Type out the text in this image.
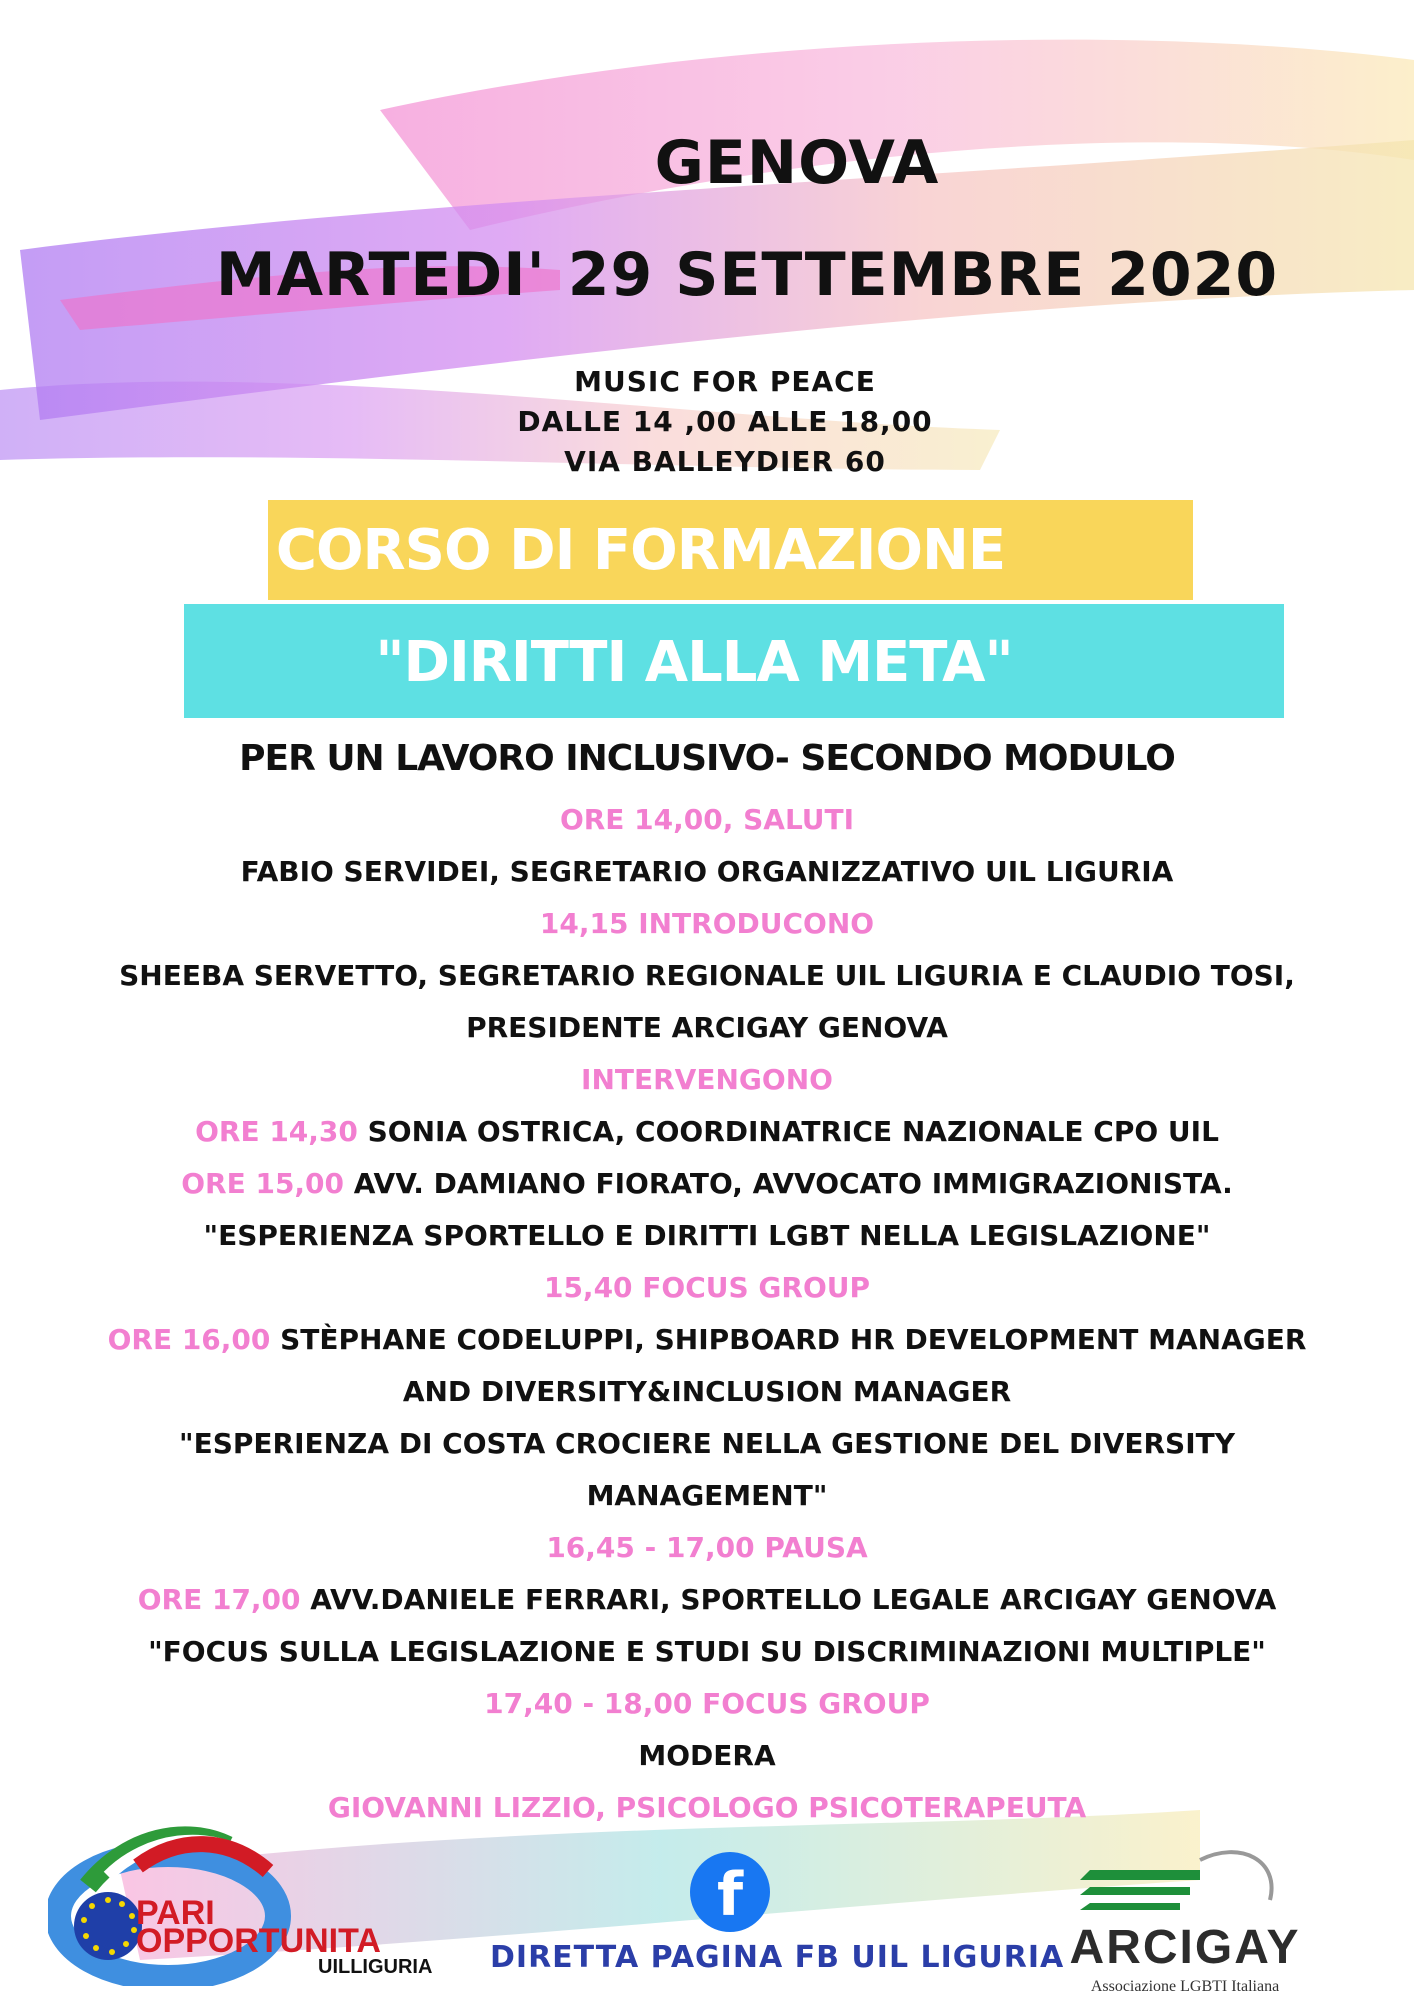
GENOVA
MARTEDI' 29 SETTEMBRE 2020
MUSIC FOR PEACE
DALLE 14 ,00 ALLE 18,00
VIA BALLEYDIER 60
CORSO DI FORMAZIONE
"DIRITTI ALLA META"
PER UN LAVORO INCLUSIVO- SECONDO MODULO
ORE 14,00, SALUTI
FABIO SERVIDEI, SEGRETARIO ORGANIZZATIVO UIL LIGURIA
14,15 INTRODUCONO
SHEEBA SERVETTO, SEGRETARIO REGIONALE UIL LIGURIA E CLAUDIO TOSI,
PRESIDENTE ARCIGAY GENOVA
INTERVENGONO
ORE 14,30 SONIA OSTRICA, COORDINATRICE NAZIONALE CPO UIL
ORE 15,00 AVV. DAMIANO FIORATO, AVVOCATO IMMIGRAZIONISTA.
"ESPERIENZA SPORTELLO E DIRITTI LGBT NELLA LEGISLAZIONE"
15,40 FOCUS GROUP
ORE 16,00 STÈPHANE CODELUPPI, SHIPBOARD HR DEVELOPMENT MANAGER
AND DIVERSITY&INCLUSION MANAGER
"ESPERIENZA DI COSTA CROCIERE NELLA GESTIONE DEL DIVERSITY
MANAGEMENT"
16,45 - 17,00 PAUSA
ORE 17,00 AVV.DANIELE FERRARI, SPORTELLO LEGALE ARCIGAY GENOVA
"FOCUS SULLA LEGISLAZIONE E STUDI SU DISCRIMINAZIONI MULTIPLE"
17,40 - 18,00 FOCUS GROUP
MODERA
GIOVANNI LIZZIO, PSICOLOGO PSICOTERAPEUTA
PARI
OPPORTUNITA
UILLIGURIA
f
DIRETTA PAGINA FB UIL LIGURIA ARCIGAY
Associazione LGBTI Italiana
